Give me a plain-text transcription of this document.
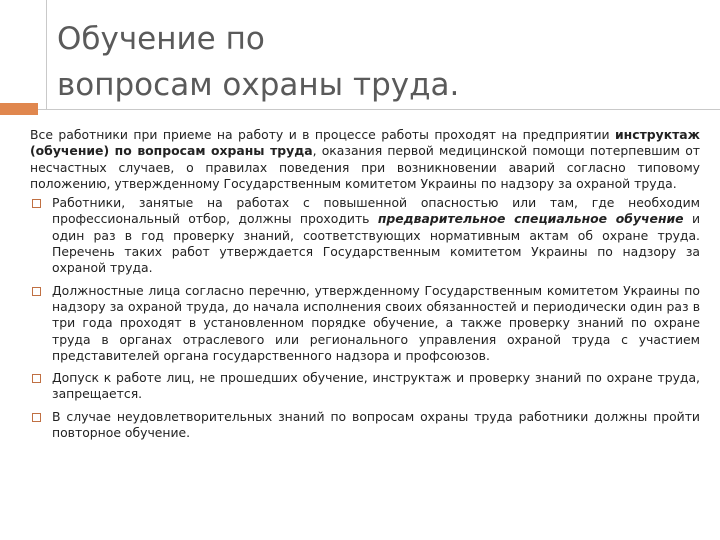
Обучение по
вопросам охраны труда.

Все работники при приеме на работу и в процессе работы проходят на предприятии инструктаж (обучение) по вопросам охраны труда, оказания первой медицинской помощи потерпевшим от несчастных случаев, о правилах поведения при возникновении аварий согласно типовому положению, утвержденному Государственным комитетом Украины по надзору за охраной труда.

Работники, занятые на работах с повышенной опасностью или там, где необходим профессиональный отбор, должны проходить предварительное специальное обучение и один раз в год проверку знаний, соответствующих нормативным актам об охране труда. Перечень таких работ утверждается Государственным комитетом Украины по надзору за охраной труда.
Должностные лица согласно перечню, утвержденному Государственным комитетом Украины по надзору за охраной труда, до начала исполнения своих обязанностей и периодически один раз в три года проходят в установленном порядке обучение, а также проверку знаний по охране труда в органах отраслевого или регионального управления охраной труда с участием представителей органа государственного надзора и профсоюзов.
Допуск к работе лиц, не прошедших обучение, инструктаж и проверку знаний по охране труда, запрещается.
В случае неудовлетворительных знаний по вопросам охраны труда работники должны пройти повторное обучение.
